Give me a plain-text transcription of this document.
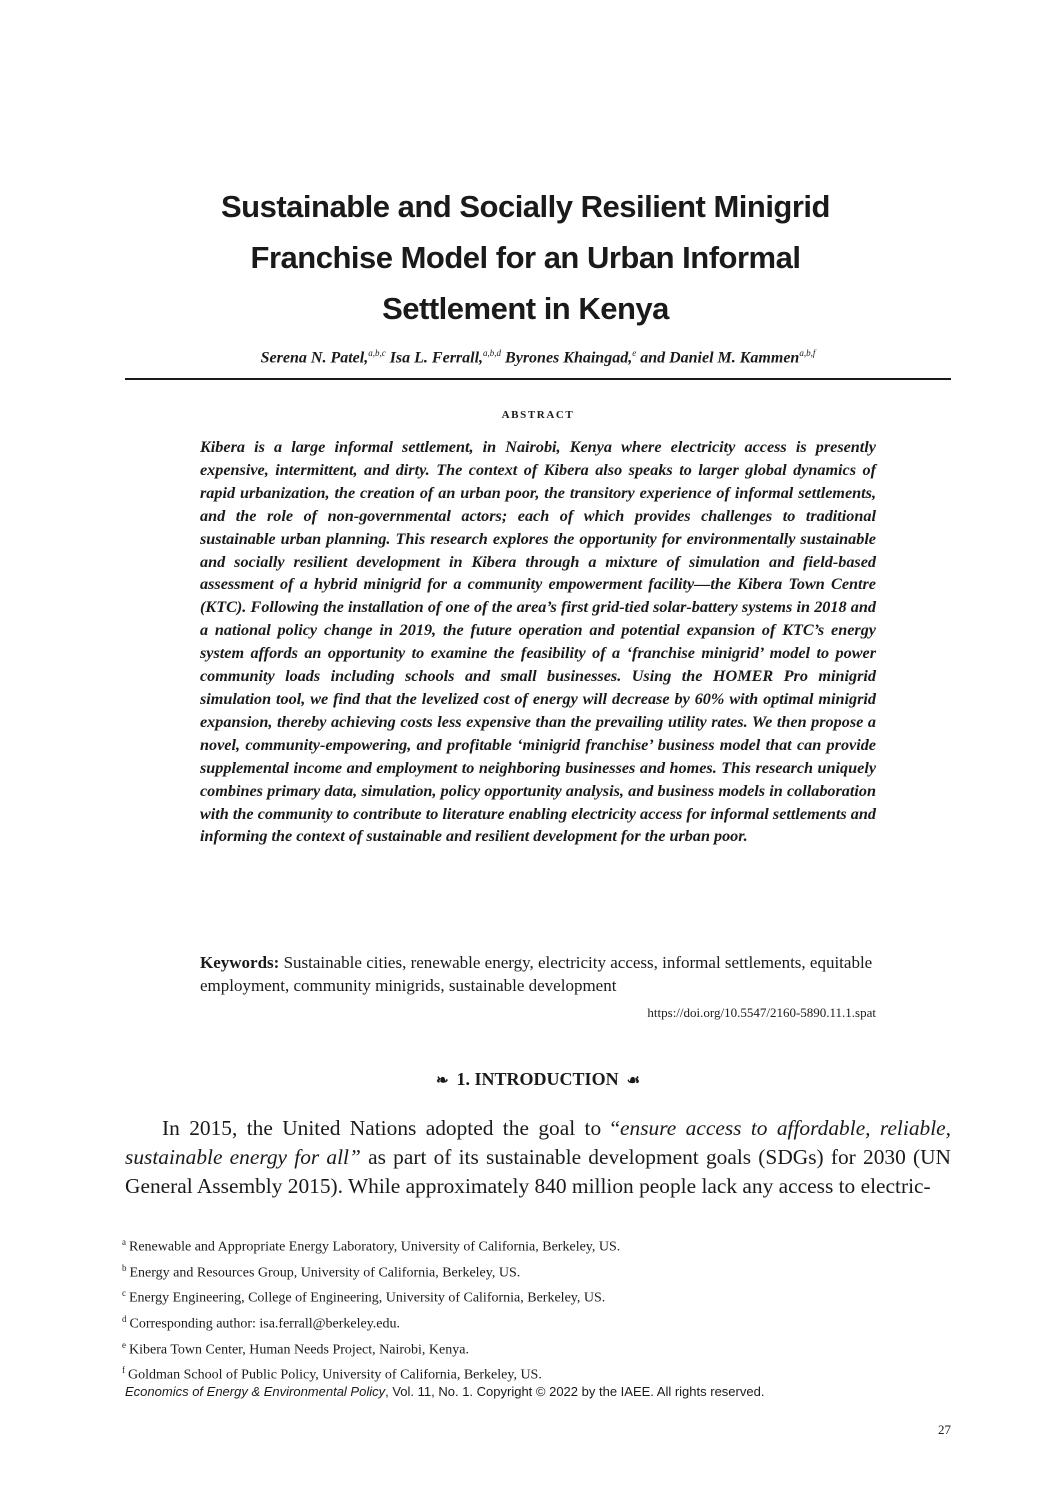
Sustainable and Socially Resilient Minigrid
Franchise Model for an Urban Informal
Settlement in Kenya
Serena N. Patel,$^{a,b,c}$ Isa L. Ferrall,$^{a,b,d}$ Byrones Khaingad,$^e$ and Daniel M. Kammen$^{a,b,f}$
ABSTRACT

Kibera is a large informal settlement, in Nairobi, Kenya where electricity access is presently expensive, intermittent, and dirty. The context of Kibera also speaks to larger global dynamics of rapid urbanization, the creation of an urban poor, the transitory experience of informal settlements, and the role of non-governmental actors; each of which provides challenges to traditional sustainable urban planning. This research explores the opportunity for environmentally sustainable and socially resilient development in Kibera through a mixture of simulation and field-based assessment of a hybrid minigrid for a community empowerment facility—the Kibera Town Centre (KTC). Following the installation of one of the area’s first grid-tied solar-battery systems in 2018 and a national policy change in 2019, the future operation and potential expansion of KTC’s energy system affords an opportunity to examine the feasibility of a ‘franchise minigrid’ model to power community loads including schools and small businesses. Using the HOMER Pro minigrid simulation tool, we find that the levelized cost of energy will decrease by 60% with optimal minigrid expansion, thereby achieving costs less expensive than the prevailing utility rates. We then propose a novel, community-empowering, and profitable ‘minigrid franchise’ business model that can provide supplemental income and employment to neighboring businesses and homes. This research uniquely combines primary data, simulation, policy opportunity analysis, and business models in collaboration with the community to contribute to literature enabling electricity access for informal settlements and informing the context of sustainable and resilient development for the urban poor.

Keywords: Sustainable cities, renewable energy, electricity access, informal settlements, equitable employment, community minigrids, sustainable development

https://doi.org/10.5547/2160-5890.11.1.spat
❧ 1. INTRODUCTION ☙

In 2015, the United Nations adopted the goal to “ensure access to affordable, reliable, sustainable energy for all” as part of its sustainable development goals (SDGs) for 2030 (UN General Assembly 2015). While approximately 840 million people lack any access to electric-

$^a$ Renewable and Appropriate Energy Laboratory, University of California, Berkeley, US.
$^b$ Energy and Resources Group, University of California, Berkeley, US.
$^c$ Energy Engineering, College of Engineering, University of California, Berkeley, US.
$^d$ Corresponding author: isa.ferrall@berkeley.edu.
$^e$ Kibera Town Center, Human Needs Project, Nairobi, Kenya.
$^f$ Goldman School of Public Policy, University of California, Berkeley, US.
Economics of Energy & Environmental Policy, Vol. 11, No. 1. Copyright © 2022 by the IAEE. All rights reserved.
27
